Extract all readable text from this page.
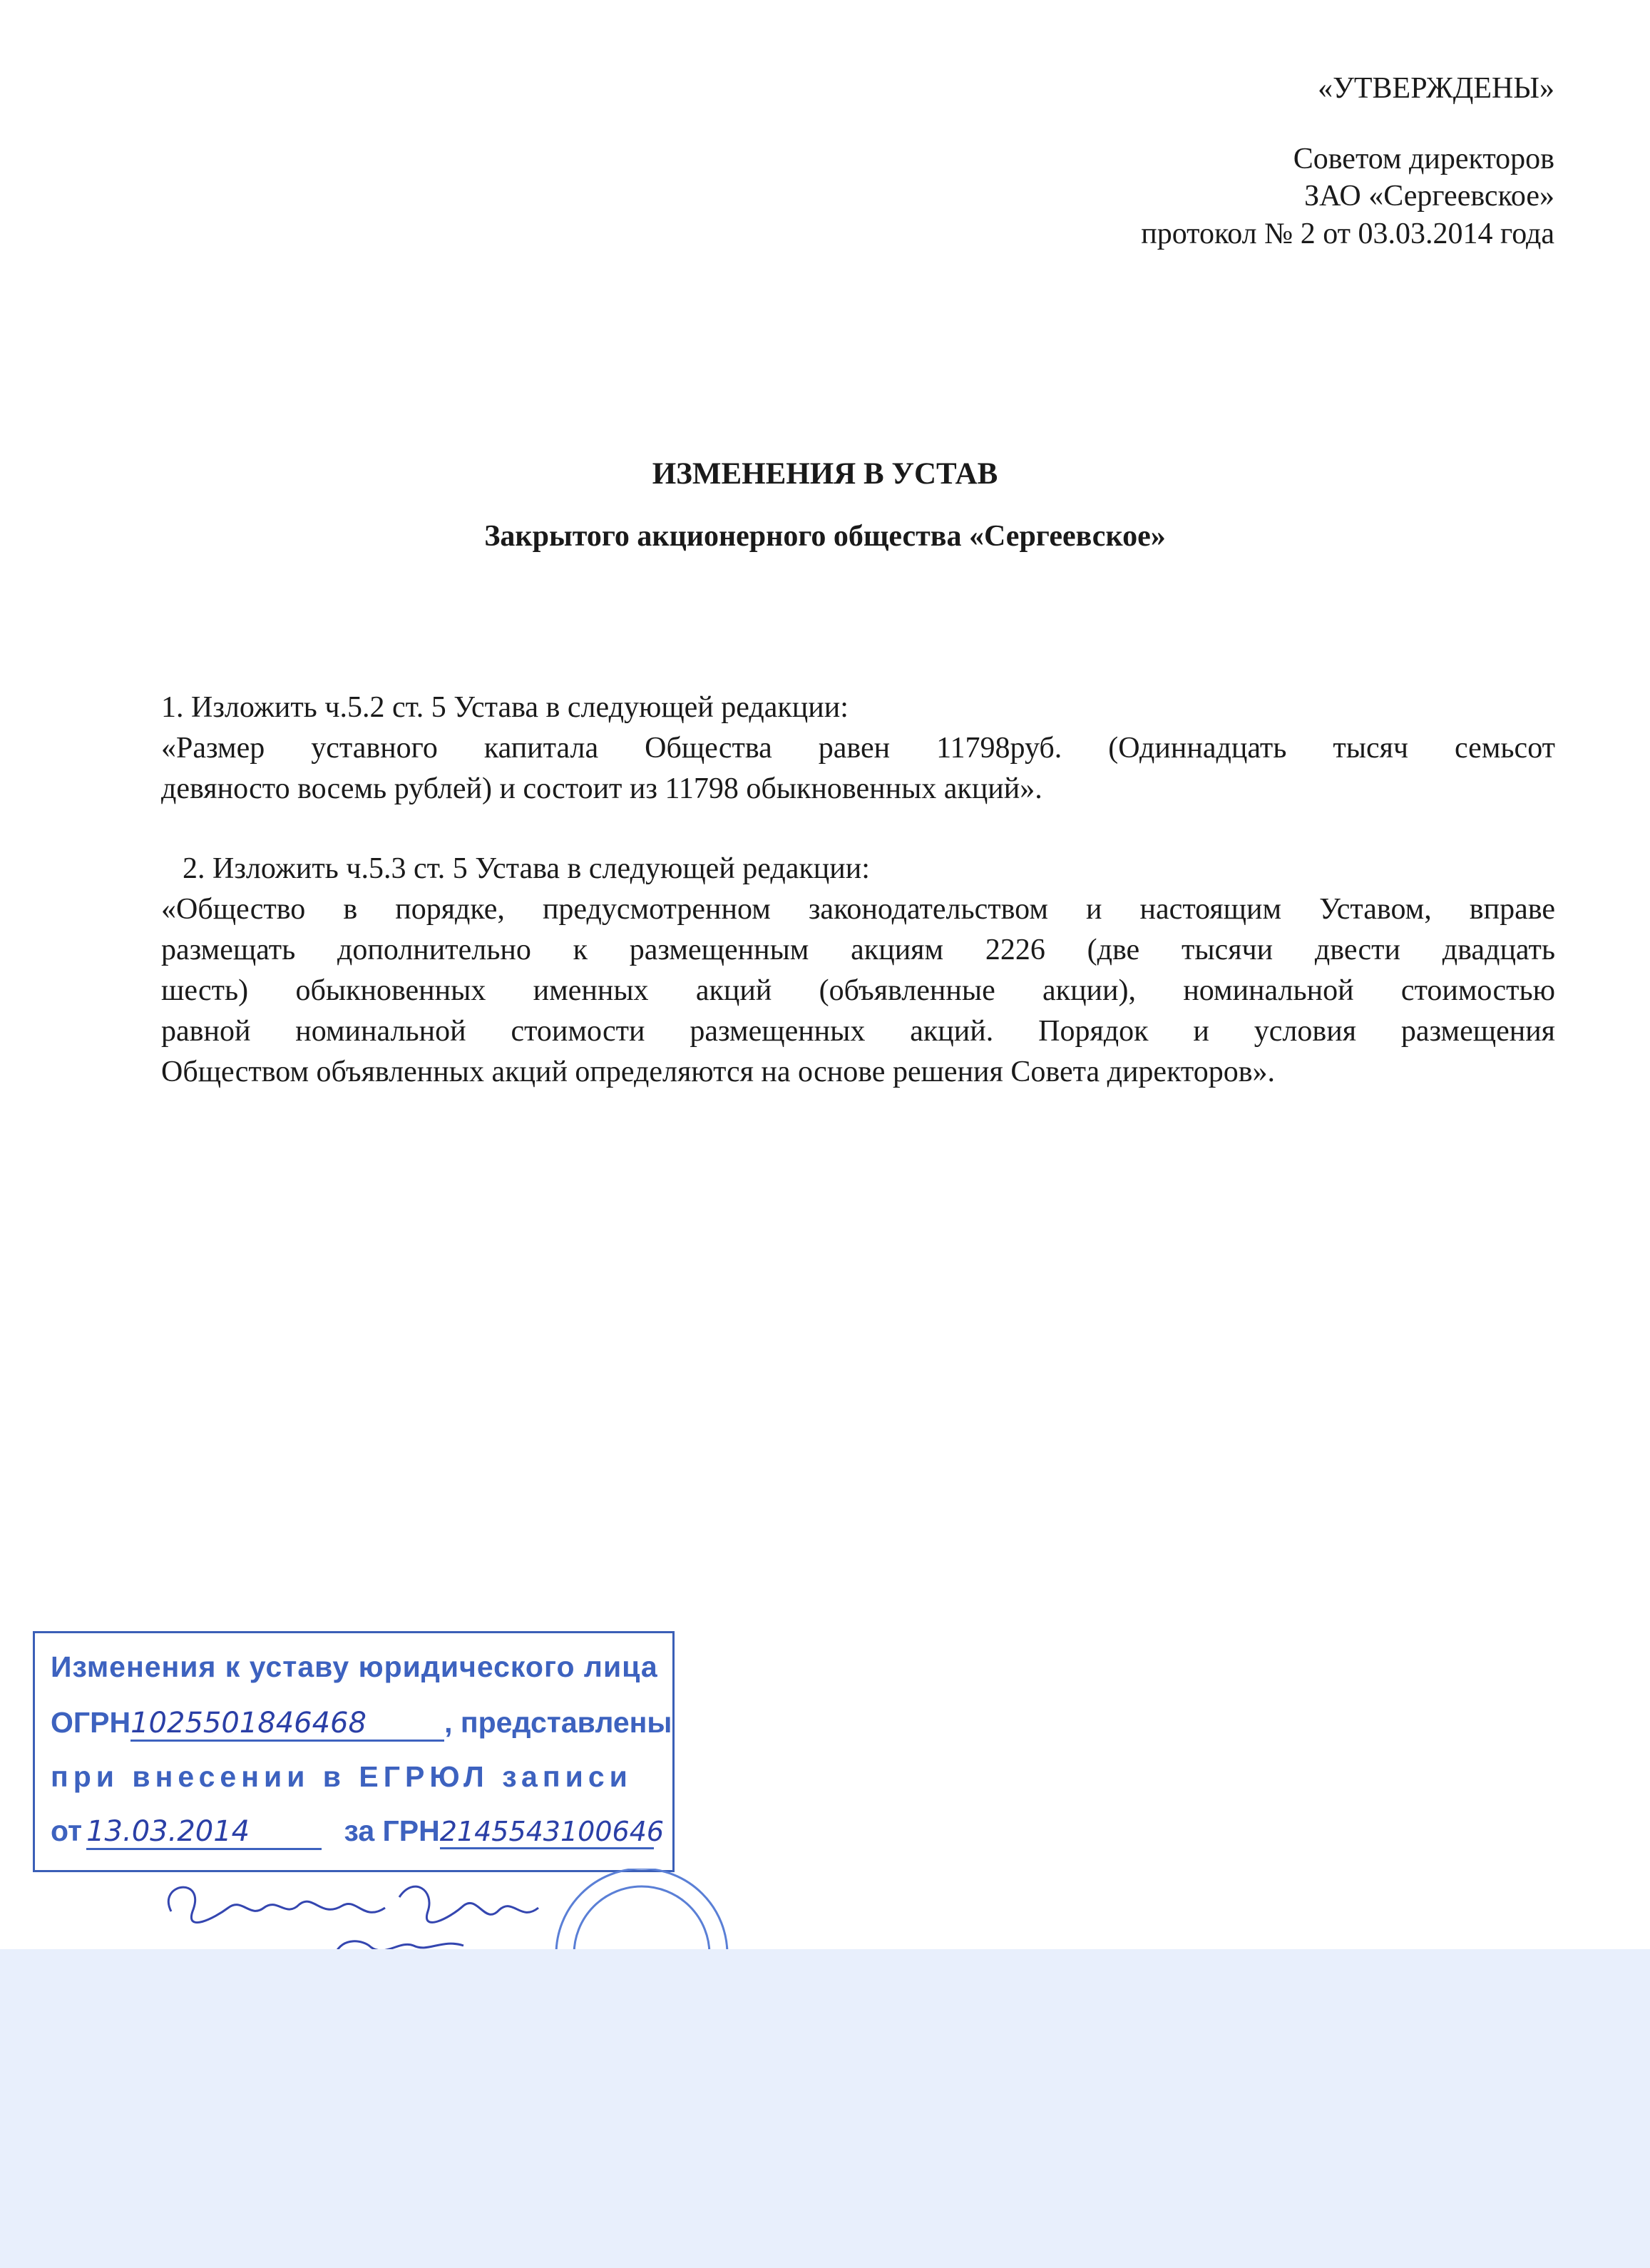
«УТВЕРЖДЕНЫ»
Советом директоров
ЗАО «Сергеевское»
протокол № 2 от 03.03.2014 года
ИЗМЕНЕНИЯ В УСТАВ
Закрытого акционерного общества «Сергеевское»
1. Изложить ч.5.2 ст. 5 Устава в следующей редакции:
«Размер уставного капитала Общества равен 11798руб. (Одиннадцать тысяч семьсот
девяносто восемь рублей) и состоит из 11798 обыкновенных акций».
2. Изложить ч.5.3 ст. 5 Устава в следующей редакции:
«Общество в порядке, предусмотренном законодательством и настоящим Уставом, вправе
размещать дополнительно к размещенным акциям 2226 (две тысячи двести двадцать
шесть) обыкновенных именных акций (объявленные акции), номинальной стоимостью
равной номинальной стоимости размещенных акций. Порядок и условия размещения
Обществом объявленных акций определяются на основе решения Совета директоров».
Изменения к уставу юридического лица
ОГРН1025501846468	, представлены
при внесении в ЕГРЮЛ записи
от 13.03.2014	за ГРН2145543100646
